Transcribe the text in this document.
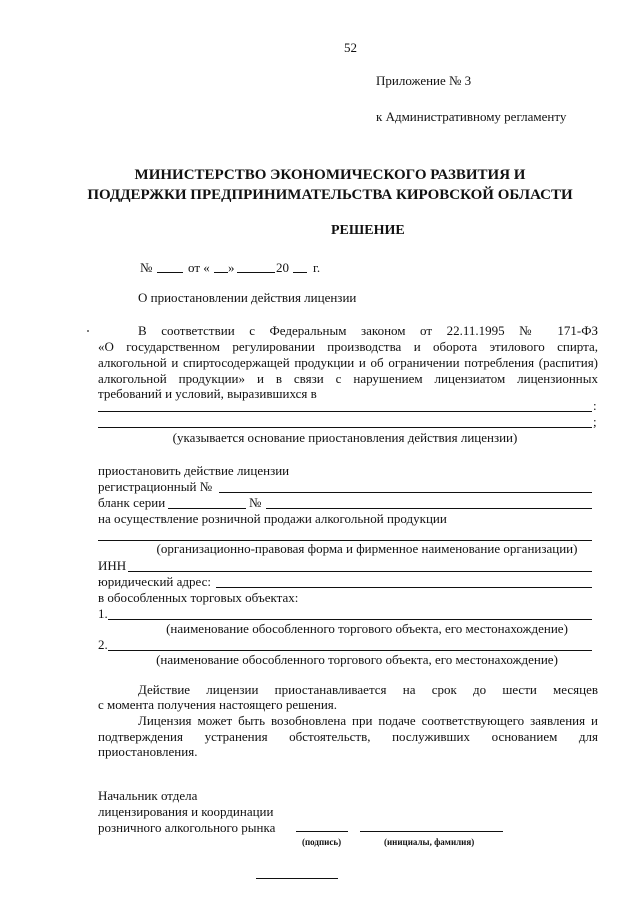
52
Приложение № 3
к Административному регламенту
МИНИСТЕРСТВО ЭКОНОМИЧЕСКОГО РАЗВИТИЯ И
ПОДДЕРЖКИ ПРЕДПРИНИМАТЕЛЬСТВА КИРОВСКОЙ ОБЛАСТИ
РЕШЕНИЕ
№	от « »	20 г.
О приостановлении действия лицензии
В соответствии с Федеральным законом от 22.11.1995 № 171-ФЗ
«О государственном регулировании производства и оборота этилового спирта,
алкогольной и спиртосодержащей продукции и об ограничении потребления (распития)
алкогольной продукции» и в связи с нарушением лицензиатом лицензионных
требований и условий, выразившихся в
:
;
(указывается основание приостановления действия лицензии)
приостановить действие лицензии
регистрационный №
бланк серии	№
на осуществление розничной продажи алкогольной продукции
(организационно-правовая форма и фирменное наименование организации)
ИНН
юридический адрес:
в обособленных торговых объектах:
1.
(наименование обособленного торгового объекта, его местонахождение)
2.
(наименование обособленного торгового объекта, его местонахождение)
Действие лицензии приостанавливается на срок до шести месяцев
с момента получения настоящего решения.
Лицензия может быть возобновлена при подаче соответствующего заявления и
подтверждения устранения обстоятельств, послуживших основанием для
приостановления.
Начальник отдела
лицензирования и координации
розничного алкогольного рынка
(подпись)	(инициалы, фамилия)
